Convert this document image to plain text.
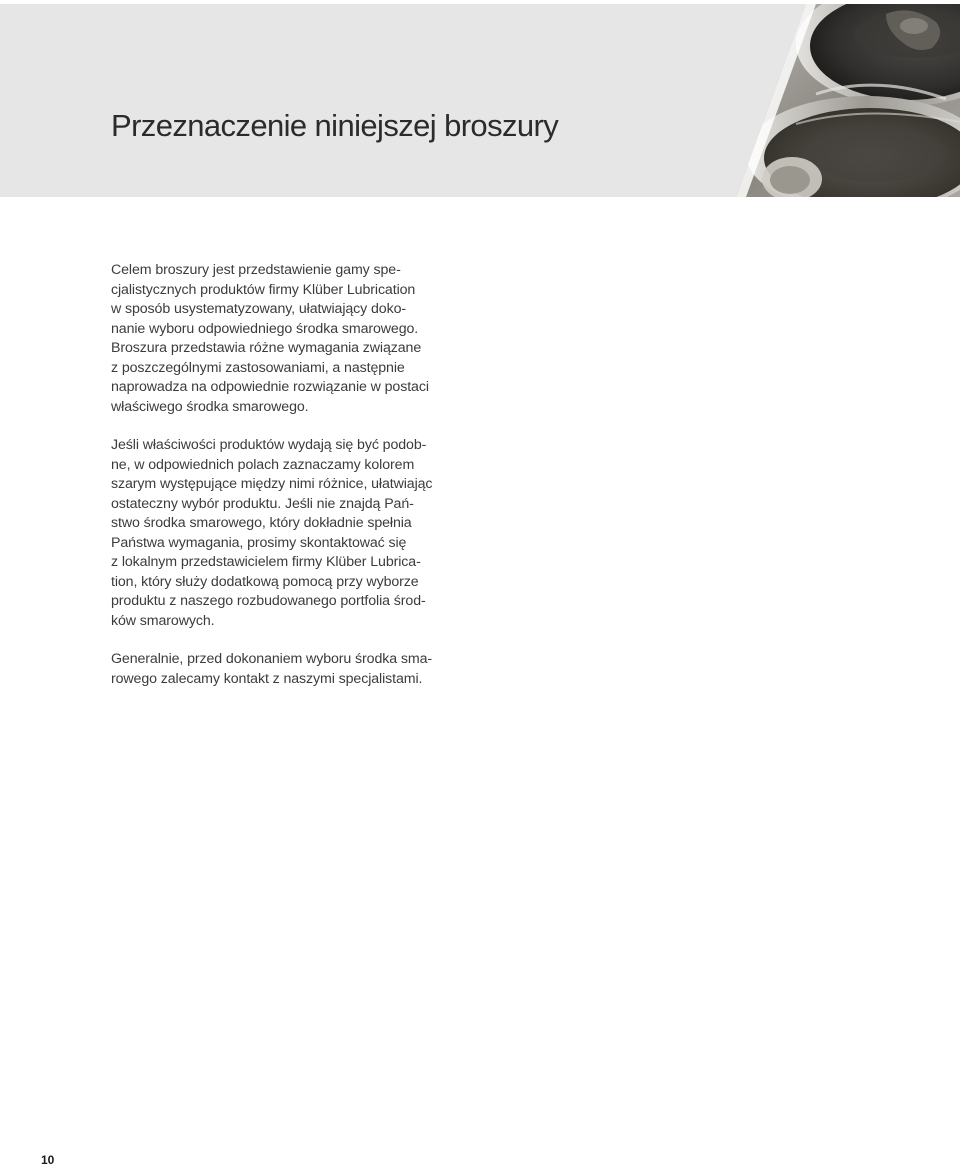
Przeznaczenie niniejszej broszury

Celem broszury jest przedstawienie gamy spe-
cjalistycznych produktów firmy Klüber Lubrication
w sposób usystematyzowany, ułatwiający doko-
nanie wyboru odpowiedniego środka smarowego.
Broszura przedstawia różne wymagania związane
z poszczególnymi zastosowaniami, a następnie
naprowadza na odpowiednie rozwiązanie w postaci
właściwego środka smarowego.

Jeśli właściwości produktów wydają się być podob-
ne, w odpowiednich polach zaznaczamy kolorem
szarym występujące między nimi różnice, ułatwiając
ostateczny wybór produktu. Jeśli nie znajdą Pań-
stwo środka smarowego, który dokładnie spełnia
Państwa wymagania, prosimy skontaktować się
z lokalnym przedstawicielem firmy Klüber Lubrica-
tion, który służy dodatkową pomocą przy wyborze
produktu z naszego rozbudowanego portfolia środ-
ków smarowych.

Generalnie, przed dokonaniem wyboru środka sma-
rowego zalecamy kontakt z naszymi specjalistami.

10
